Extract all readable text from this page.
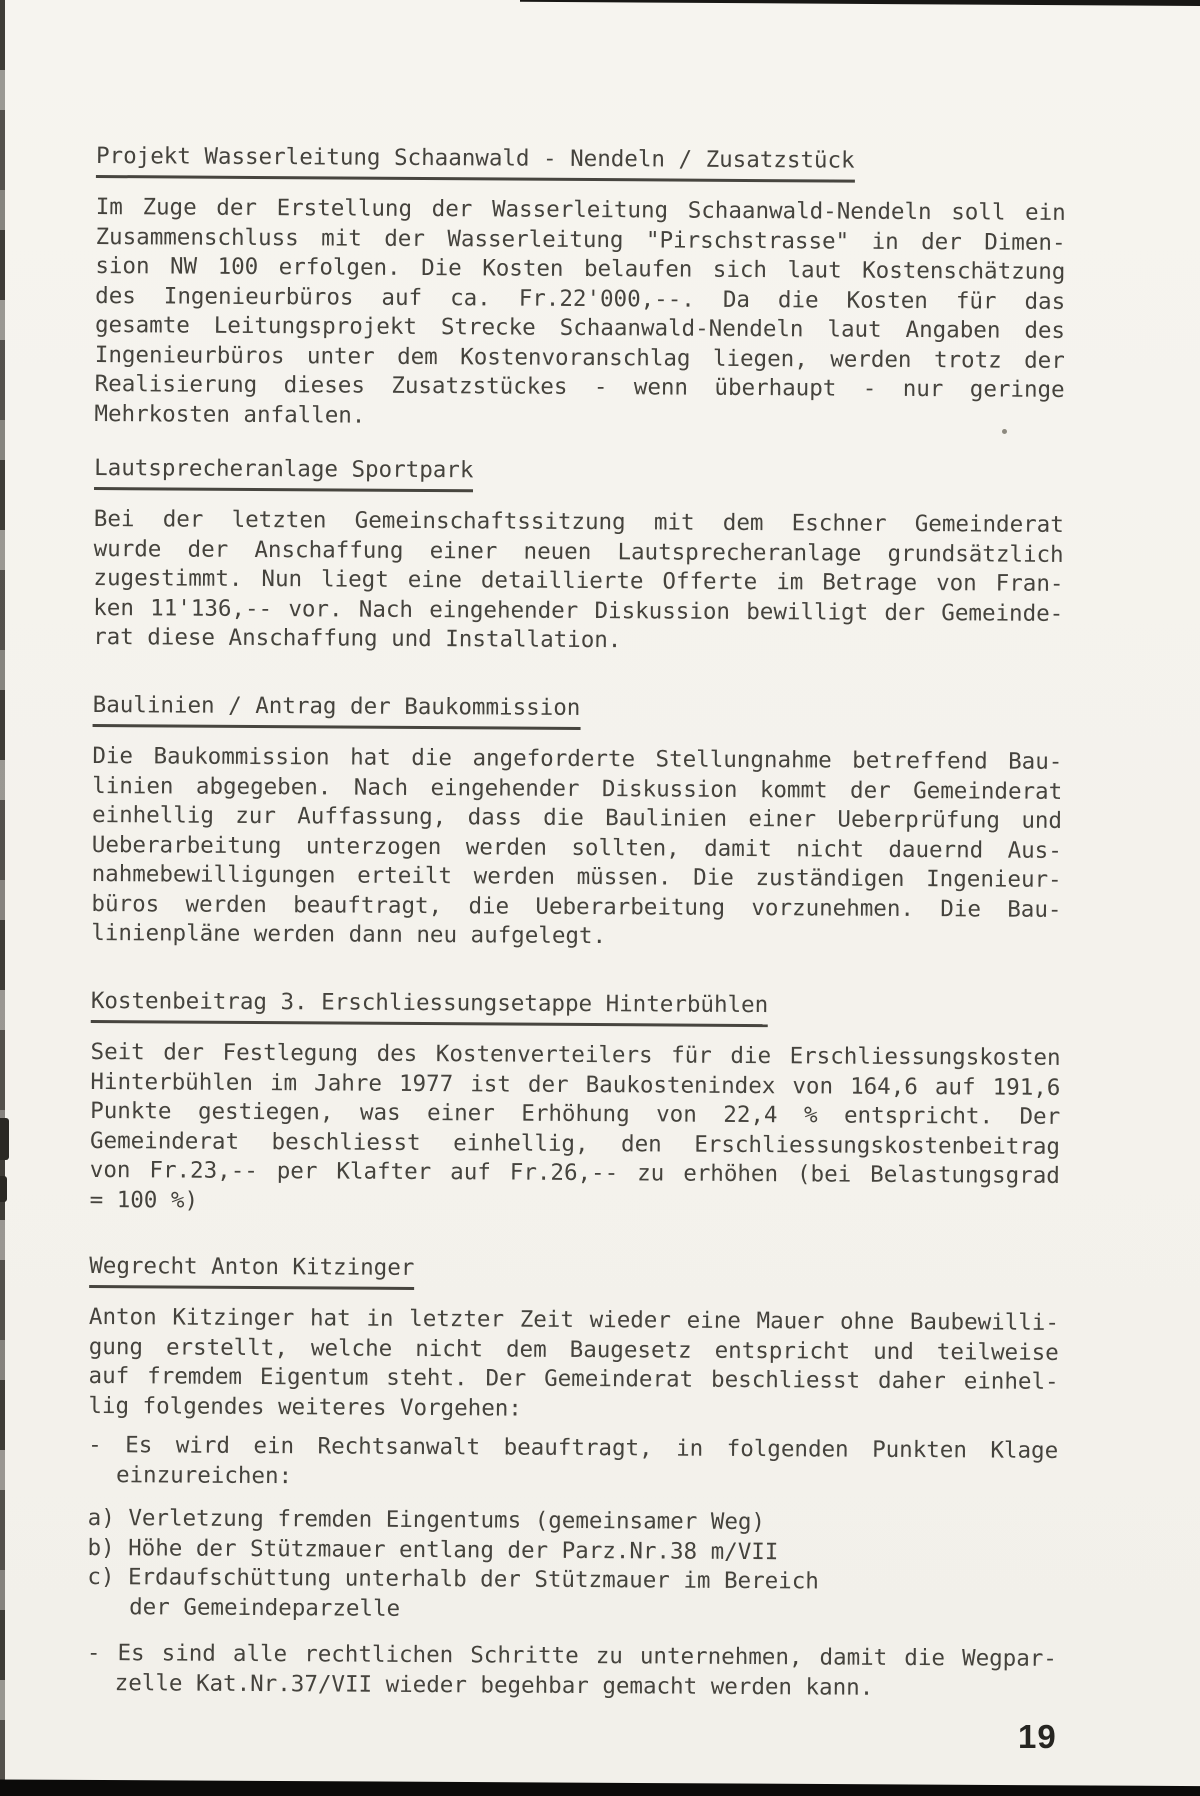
Projekt Wasserleitung Schaanwald - Nendeln / Zusatzstück
Im Zuge der Erstellung der Wasserleitung Schaanwald-Nendeln soll ein
Zusammenschluss mit der Wasserleitung "Pirschstrasse" in der Dimen-
sion NW 100 erfolgen. Die Kosten belaufen sich laut Kostenschätzung
des Ingenieurbüros auf ca. Fr.22'000,--. Da die Kosten für das
gesamte Leitungsprojekt Strecke Schaanwald-Nendeln laut Angaben des
Ingenieurbüros unter dem Kostenvoranschlag liegen, werden trotz der
Realisierung dieses Zusatzstückes - wenn überhaupt - nur geringe
Mehrkosten anfallen.
Lautsprecheranlage Sportpark
Bei der letzten Gemeinschaftssitzung mit dem Eschner Gemeinderat
wurde der Anschaffung einer neuen Lautsprecheranlage grundsätzlich
zugestimmt. Nun liegt eine detaillierte Offerte im Betrage von Fran-
ken 11'136,-- vor. Nach eingehender Diskussion bewilligt der Gemeinde-
rat diese Anschaffung und Installation.
Baulinien / Antrag der Baukommission
Die Baukommission hat die angeforderte Stellungnahme betreffend Bau-
linien abgegeben. Nach eingehender Diskussion kommt der Gemeinderat
einhellig zur Auffassung, dass die Baulinien einer Ueberprüfung und
Ueberarbeitung unterzogen werden sollten, damit nicht dauernd Aus-
nahmebewilligungen erteilt werden müssen. Die zuständigen Ingenieur-
büros werden beauftragt, die Ueberarbeitung vorzunehmen. Die Bau-
linienpläne werden dann neu aufgelegt.
Kostenbeitrag 3. Erschliessungsetappe Hinterbühlen
Seit der Festlegung des Kostenverteilers für die Erschliessungskosten
Hinterbühlen im Jahre 1977 ist der Baukostenindex von 164,6 auf 191,6
Punkte gestiegen, was einer Erhöhung von 22,4 % entspricht. Der
Gemeinderat beschliesst einhellig, den Erschliessungskostenbeitrag
von Fr.23,-- per Klafter auf Fr.26,-- zu erhöhen (bei Belastungsgrad
= 100 %)
Wegrecht Anton Kitzinger
Anton Kitzinger hat in letzter Zeit wieder eine Mauer ohne Baubewilli-
gung erstellt, welche nicht dem Baugesetz entspricht und teilweise
auf fremdem Eigentum steht. Der Gemeinderat beschliesst daher einhel-
lig folgendes weiteres Vorgehen:
- Es wird ein Rechtsanwalt beauftragt, in folgenden Punkten Klage
einzureichen:
a) Verletzung fremden Eingentums (gemeinsamer Weg)
b) Höhe der Stützmauer entlang der Parz.Nr.38 m/VII
c) Erdaufschüttung unterhalb der Stützmauer im Bereich
der Gemeindeparzelle
- Es sind alle rechtlichen Schritte zu unternehmen, damit die Wegpar-
zelle Kat.Nr.37/VII wieder begehbar gemacht werden kann.
19
